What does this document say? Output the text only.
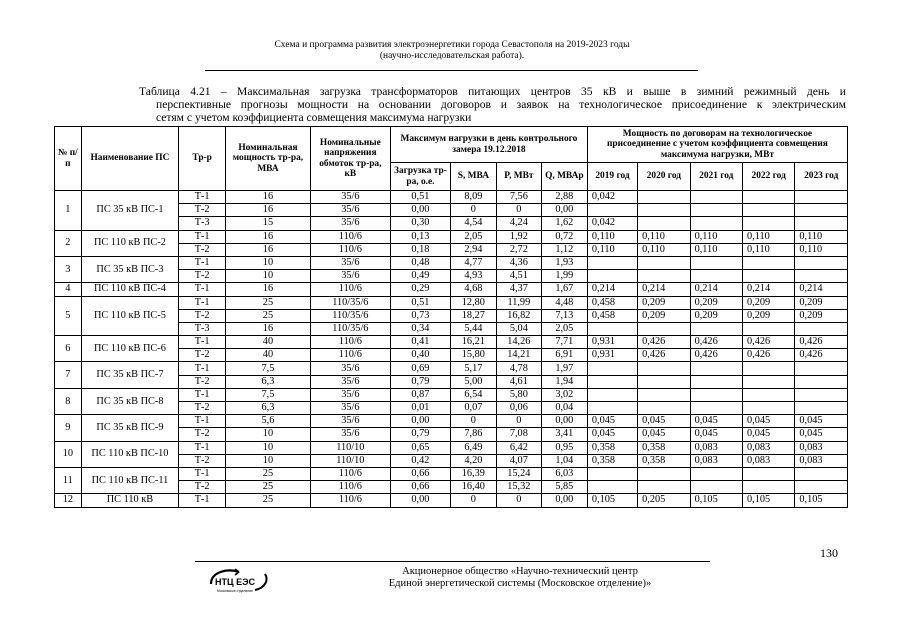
Схема и программа развития электроэнергетики города Севастополя на 2019-2023 годы
(научно-исследовательская работа).
Таблица 4.21 – Максимальная загрузка трансформаторов питающих центров 35 кВ и выше в зимний режимный день и
перспективные прогнозы мощности на основании договоров и заявок на технологическое присоединение к электрическим
сетям с учетом коэффициента совмещения максимума нагрузки
№ п/п	Наименование ПС	Тр-р	Номинальная мощность тр-ра, МВА	Номинальные напряжения обмоток тр-ра, кВ	Максимум нагрузки в день контрольного замера 19.12.2018				Мощность по договорам на технологическое присоединение с учетом коэффициента совмещения максимума нагрузки, МВт				
					Загрузка тр-ра, о.е.	S, МВА	P, МВт	Q, МВАр	2019 год	2020 год	2021 год	2022 год	2023 год
1	ПС 35 кВ ПС-1	Т-1	16	35/6	0,51	8,09	7,56	2,88	0,042				
		Т-2	16	35/6	0,00	0	0	0,00					
		Т-3	15	35/6	0,30	4,54	4,24	1,62	0,042				
2	ПС 110 кВ ПС-2	Т-1	16	110/6	0,13	2,05	1,92	0,72	0,110	0,110	0,110	0,110	0,110
		Т-2	16	110/6	0,18	2,94	2,72	1,12	0,110	0,110	0,110	0,110	0,110
3	ПС 35 кВ ПС-3	Т-1	10	35/6	0,48	4,77	4,36	1,93					
		Т-2	10	35/6	0,49	4,93	4,51	1,99					
4	ПС 110 кВ ПС-4	Т-1	16	110/6	0,29	4,68	4,37	1,67	0,214	0,214	0,214	0,214	0,214
5	ПС 110 кВ ПС-5	Т-1	25	110/35/6	0,51	12,80	11,99	4,48	0,458	0,209	0,209	0,209	0,209
		Т-2	25	110/35/6	0,73	18,27	16,82	7,13	0,458	0,209	0,209	0,209	0,209
		Т-3	16	110/35/6	0,34	5,44	5,04	2,05					
6	ПС 110 кВ ПС-6	Т-1	40	110/6	0,41	16,21	14,26	7,71	0,931	0,426	0,426	0,426	0,426
		Т-2	40	110/6	0,40	15,80	14,21	6,91	0,931	0,426	0,426	0,426	0,426
7	ПС 35 кВ ПС-7	Т-1	7,5	35/6	0,69	5,17	4,78	1,97					
		Т-2	6,3	35/6	0,79	5,00	4,61	1,94					
8	ПС 35 кВ ПС-8	Т-1	7,5	35/6	0,87	6,54	5,80	3,02					
		Т-2	6,3	35/6	0,01	0,07	0,06	0,04					
9	ПС 35 кВ ПС-9	Т-1	5,6	35/6	0,00	0	0	0,00	0,045	0,045	0,045	0,045	0,045
		Т-2	10	35/6	0,79	7,86	7,08	3,41	0,045	0,045	0,045	0,045	0,045
10	ПС 110 кВ ПС-10	Т-1	10	110/10	0,65	6,49	6,42	0,95	0,358	0,358	0,083	0,083	0,083
		Т-2	10	110/10	0,42	4,20	4,07	1,04	0,358	0,358	0,083	0,083	0,083
11	ПС 110 кВ ПС-11	Т-1	25	110/6	0,66	16,39	15,24	6,03					
		Т-2	25	110/6	0,66	16,40	15,32	5,85					
12	ПС 110 кВ	Т-1	25	110/6	0,00	0	0	0,00	0,105	0,205	0,105	0,105	0,105
130
НТЦ ЕЭС
Московское отделение
Акционерное общество «Научно-технический центр
Единой энергетической системы (Московское отделение)»
